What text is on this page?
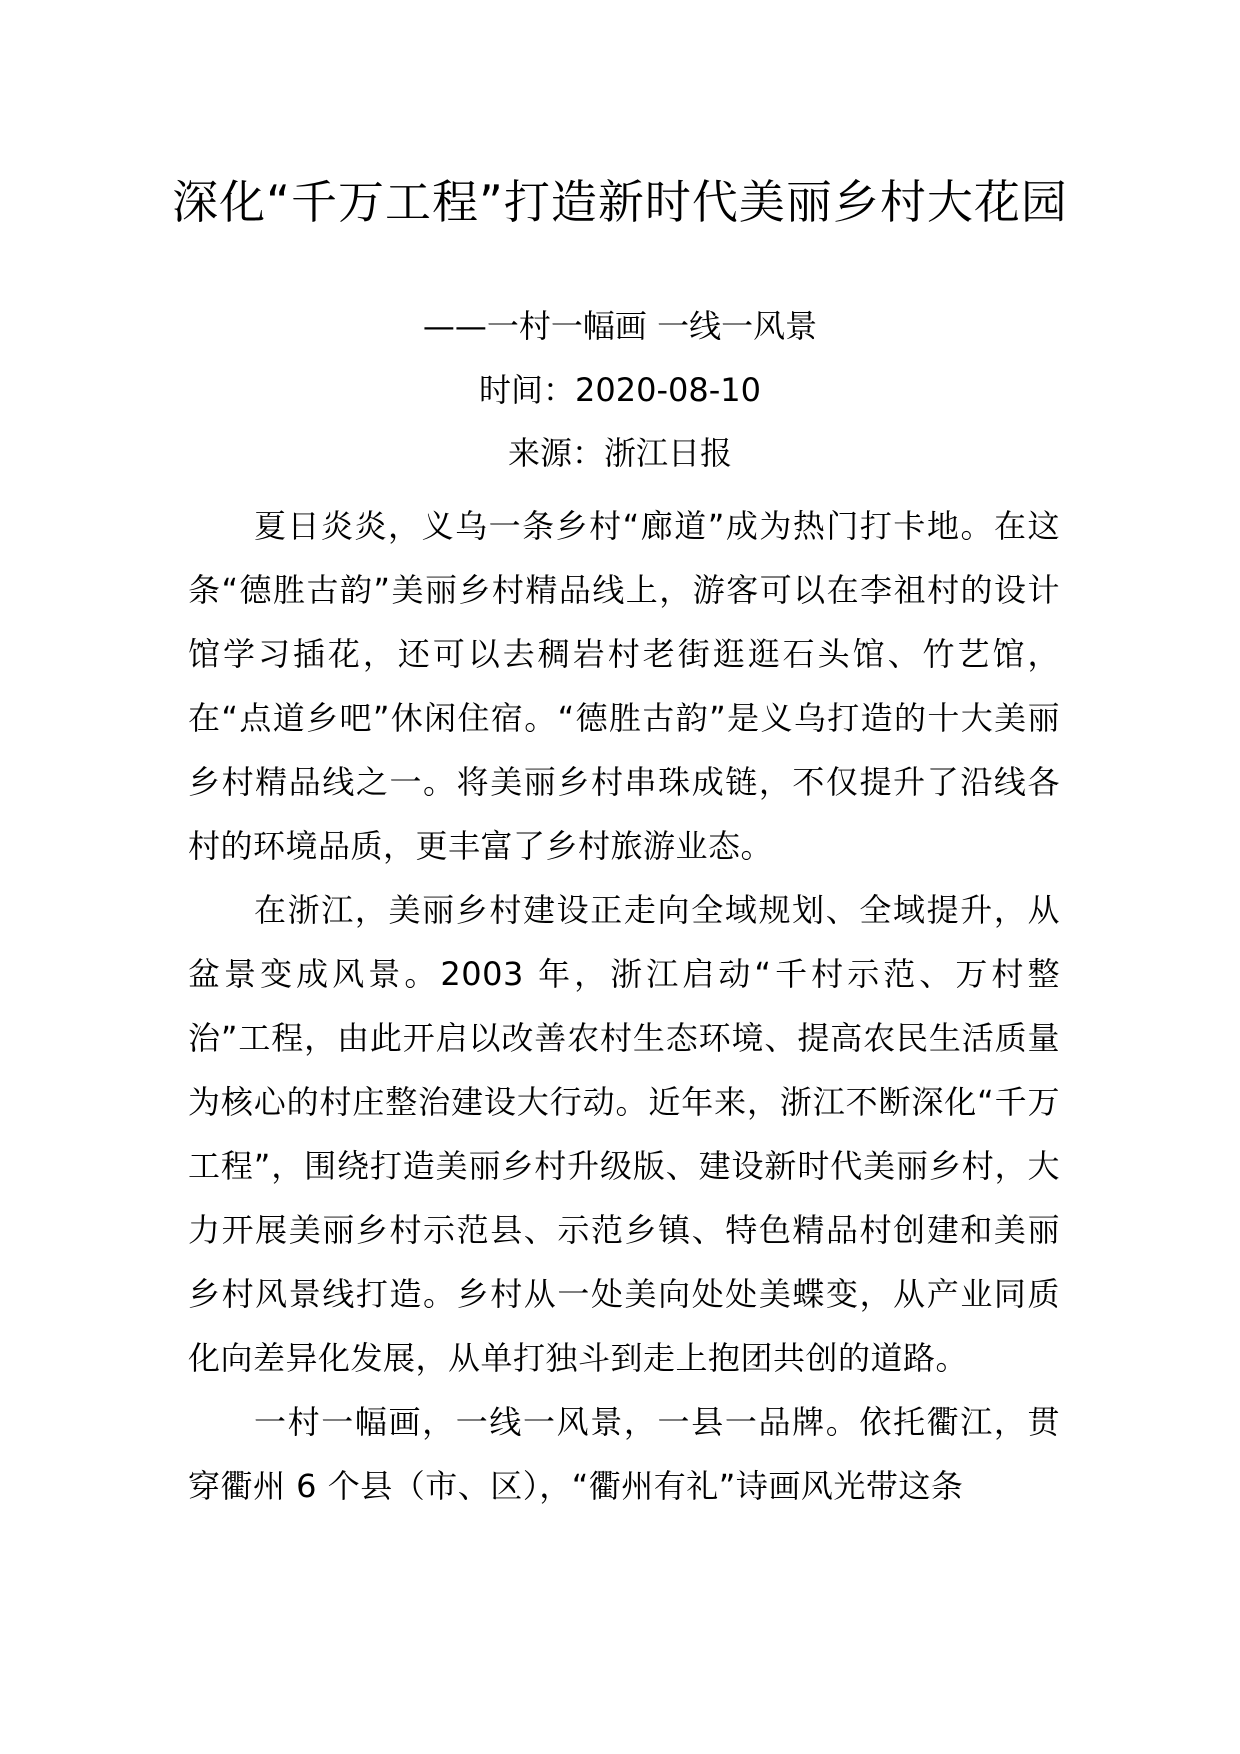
深化“千万工程”打造新时代美丽乡村大花园

——一村一幅画 一线一风景

时间：2020-08-10

来源：浙江日报

夏日炎炎，义乌一条乡村“廊道”成为热门打卡地。在这条“德胜古韵”美丽乡村精品线上，游客可以在李祖村的设计馆学习插花，还可以去稠岩村老街逛逛石头馆、竹艺馆，在“点道乡吧”休闲住宿。“德胜古韵”是义乌打造的十大美丽乡村精品线之一。将美丽乡村串珠成链，不仅提升了沿线各村的环境品质，更丰富了乡村旅游业态。

在浙江，美丽乡村建设正走向全域规划、全域提升，从盆景变成风景。2003 年，浙江启动“千村示范、万村整治”工程，由此开启以改善农村生态环境、提高农民生活质量为核心的村庄整治建设大行动。近年来，浙江不断深化“千万工程”，围绕打造美丽乡村升级版、建设新时代美丽乡村，大力开展美丽乡村示范县、示范乡镇、特色精品村创建和美丽乡村风景线打造。乡村从一处美向处处美蝶变，从产业同质化向差异化发展，从单打独斗到走上抱团共创的道路。

一村一幅画，一线一风景，一县一品牌。依托衢江，贯穿衢州 6 个县（市、区），“衢州有礼”诗画风光带这条
